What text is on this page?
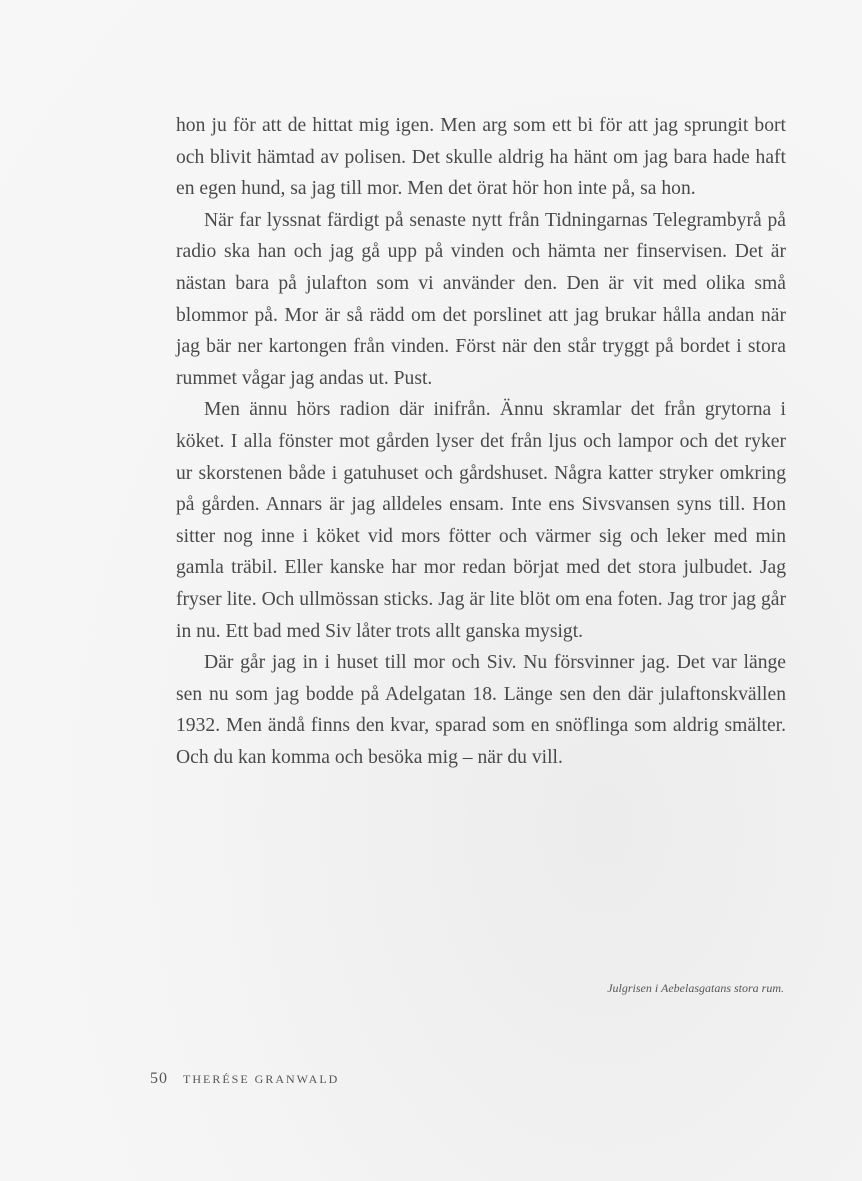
hon ju för att de hittat mig igen. Men arg som ett bi för att jag sprungit bort och blivit hämtad av polisen. Det skulle aldrig ha hänt om jag bara hade haft en egen hund, sa jag till mor. Men det örat hör hon inte på, sa hon.

När far lyssnat färdigt på senaste nytt från Tidningarnas Telegrambyrå på radio ska han och jag gå upp på vinden och hämta ner finservisen. Det är nästan bara på julafton som vi använder den. Den är vit med olika små blommor på. Mor är så rädd om det porslinet att jag brukar hålla andan när jag bär ner kartongen från vinden. Först när den står tryggt på bordet i stora rummet vågar jag andas ut. Pust.

Men ännu hörs radion där inifrån. Ännu skramlar det från grytorna i köket. I alla fönster mot gården lyser det från ljus och lampor och det ryker ur skorstenen både i gatuhuset och gårdshuset. Några katter stryker omkring på gården. Annars är jag alldeles ensam. Inte ens Sivsvansen syns till. Hon sitter nog inne i köket vid mors fötter och värmer sig och leker med min gamla träbil. Eller kanske har mor redan börjat med det stora julbudet. Jag fryser lite. Och ullmössan sticks. Jag är lite blöt om ena foten. Jag tror jag går in nu. Ett bad med Siv låter trots allt ganska mysigt.

Där går jag in i huset till mor och Siv. Nu försvinner jag. Det var länge sen nu som jag bodde på Adelgatan 18. Länge sen den där julaftonskvällen 1932. Men ändå finns den kvar, sparad som en snöflinga som aldrig smälter. Och du kan komma och besöka mig – när du vill.

Julgrisen i Aebelasgatans stora rum.
50 THERÉSE GRANWALD
